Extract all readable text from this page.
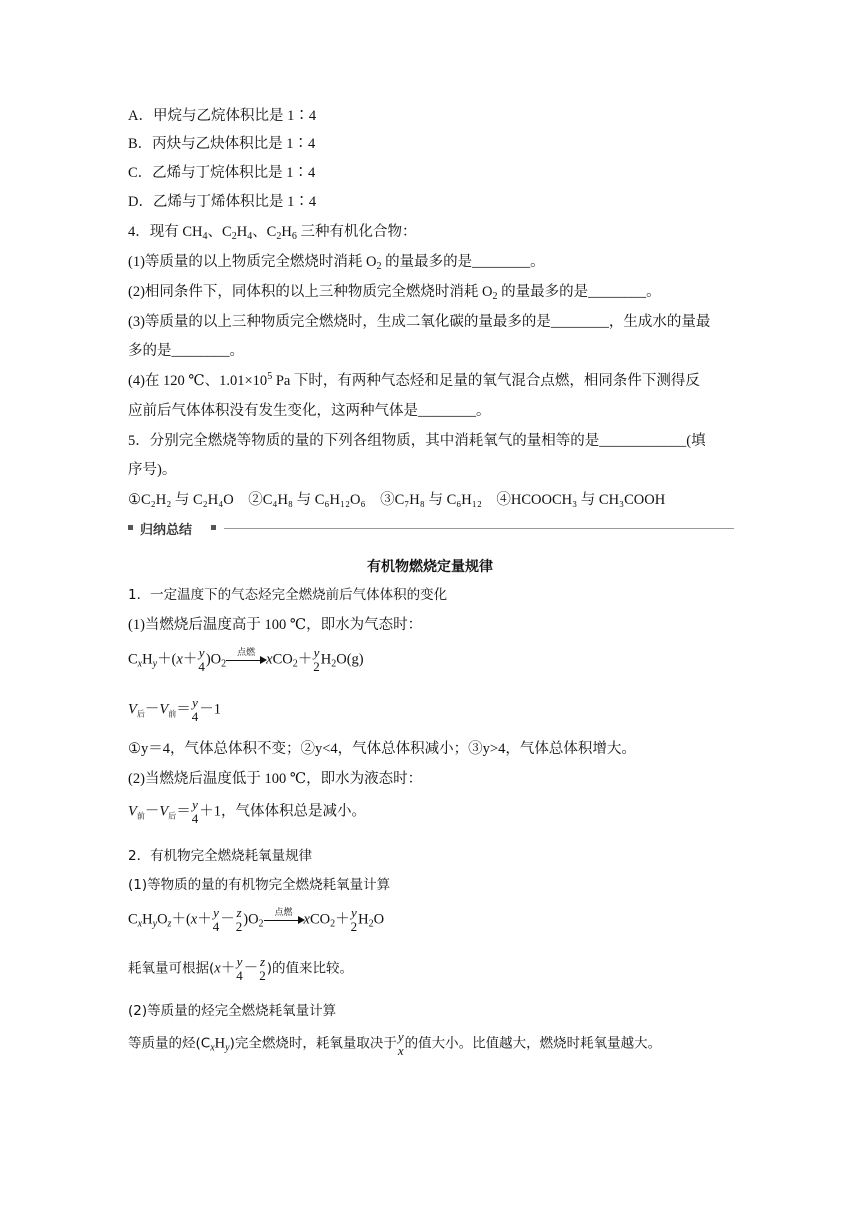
A．甲烷与乙烷体积比是 1∶4
B．丙炔与乙炔体积比是 1∶4
C．乙烯与丁烷体积比是 1∶4
D．乙烯与丁烯体积比是 1∶4
4．现有 $CH_4$、$C_2H_4$、$C_2H_6$ 三种有机化合物：
(1)等质量的以上物质完全燃烧时消耗 $O_2$ 的量最多的是________。
(2)相同条件下，同体积的以上三种物质完全燃烧时消耗 $O_2$ 的量最多的是________。
(3)等质量的以上三种物质完全燃烧时，生成二氧化碳的量最多的是________，生成水的量最
多的是________。
(4)在 120 ℃、$1.01\times 10^5$ Pa 下时，有两种气态烃和足量的氧气混合点燃，相同条件下测得反
应前后气体体积没有发生变化，这两种气体是________。
5．分别完全燃烧等物质的量的下列各组物质，其中消耗氧气的量相等的是____________(填
序号)。
①C₂H₂ 与 C₂H₄O　②C₄H₈ 与 C₆H₁₂O₆　③C₇H₈ 与 C₆H₁₂　④HCOOCH₃ 与 CH₃COOH
归纳总结
有机物燃烧定量规律
1．一定温度下的气态烃完全燃烧前后气体体积的变化
(1)当燃烧后温度高于 100 ℃，即水为气态时：
$C_xH_y+(x+ y$
4 )$O_2$
点燃 xCO$_2$＋ y
2 $H_2O(g)$
$V_后-V_前= y$
4 －1
①y＝4，气体总体积不变；②y<4，气体总体积减小；③y>4，气体总体积增大。
(2)当燃烧后温度低于 100 ℃，即水为液态时：
$V_前-V_后= y$
4 ＋1，气体体积总是减小。
2．有机物完全燃烧耗氧量规律
(1)等物质的量的有机物完全燃烧耗氧量计算
$C_xH_yO_z+(x+ y$
4 － z
2 )$O_2$
点燃 xCO$_2$＋ y
2 $H_2O$
耗氧量可根据(x＋ y
4 － z
2 )的值来比较。
(2)等质量的烃完全燃烧耗氧量计算
等质量的烃$(C_xH_y)$完全燃烧时，耗氧量取决于 y
x 的值大小。比值越大，燃烧时耗氧量越大。
